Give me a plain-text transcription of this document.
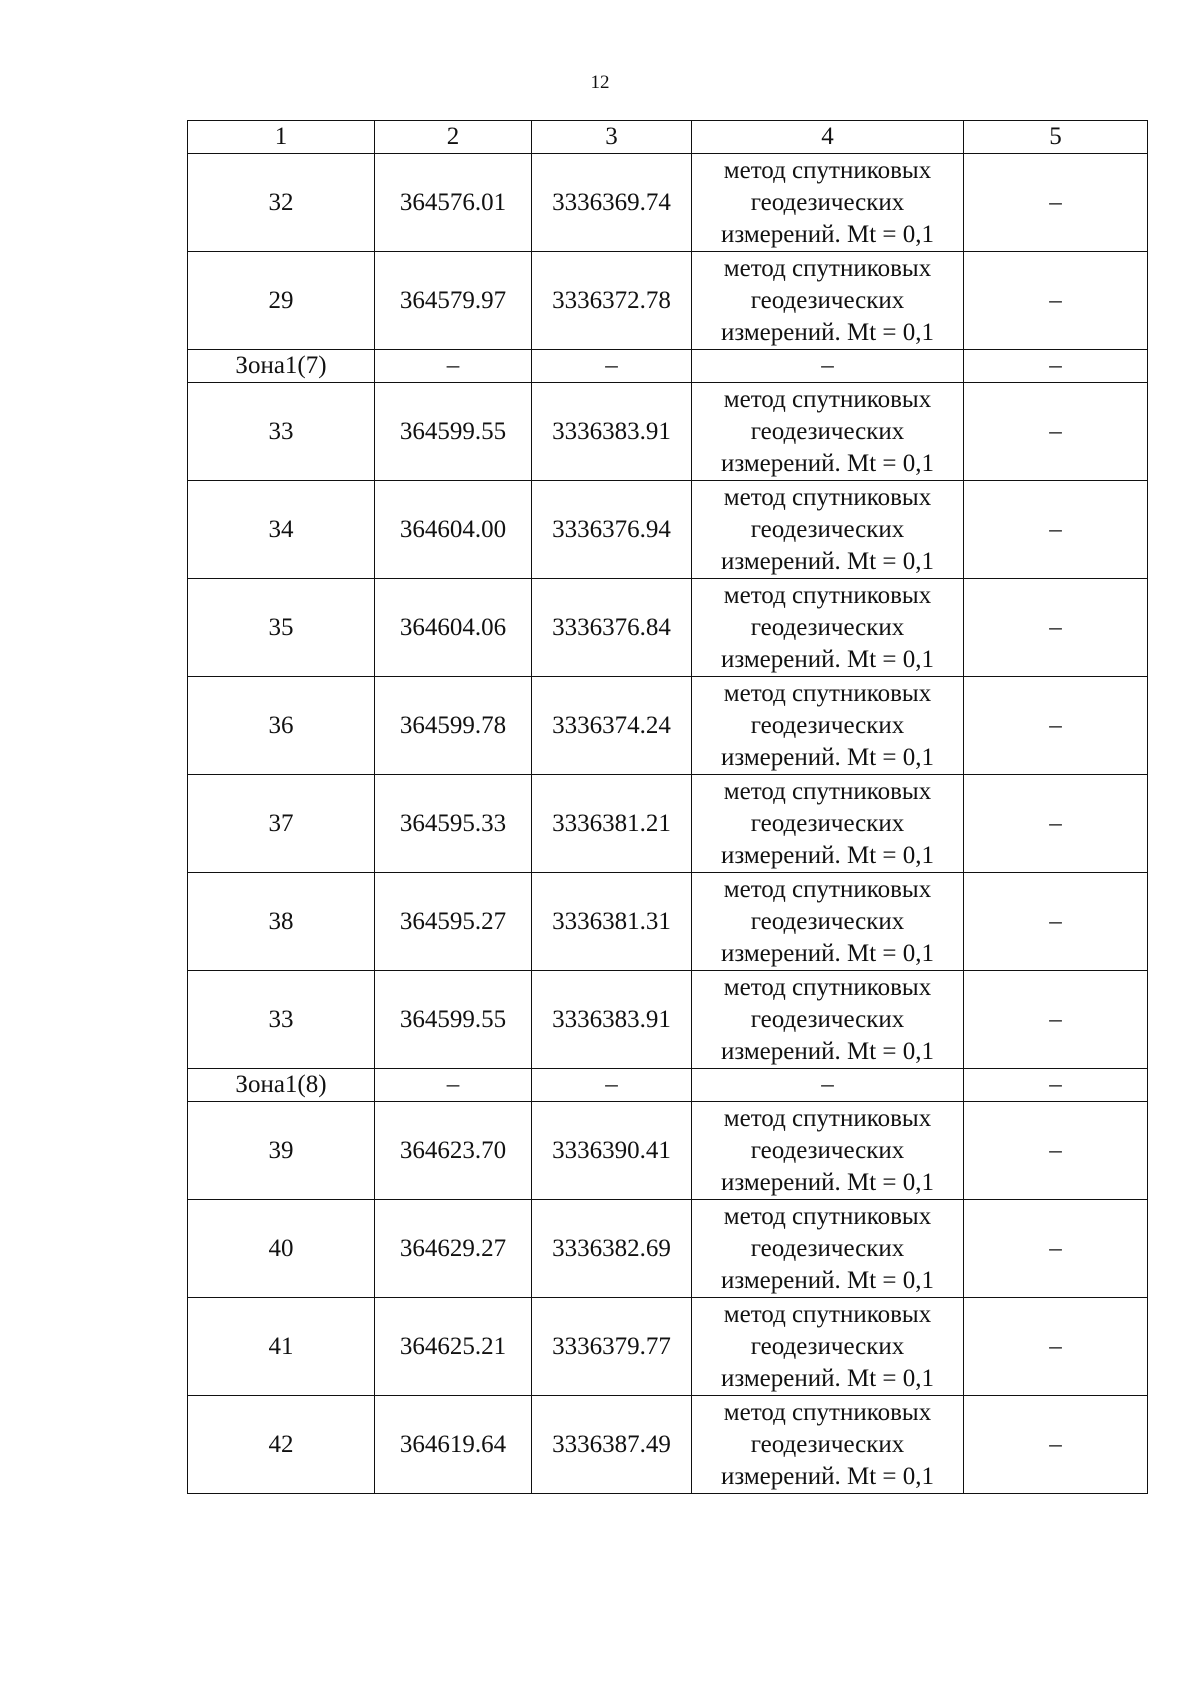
12
1	2	3	4	5
32	364576.01	3336369.74	метод спутниковых
геодезических
измерений. Mt = 0,1	–
29	364579.97	3336372.78	метод спутниковых
геодезических
измерений. Mt = 0,1	–
Зона1(7)	–	–	–	–
33	364599.55	3336383.91	метод спутниковых
геодезических
измерений. Mt = 0,1	–
34	364604.00	3336376.94	метод спутниковых
геодезических
измерений. Mt = 0,1	–
35	364604.06	3336376.84	метод спутниковых
геодезических
измерений. Mt = 0,1	–
36	364599.78	3336374.24	метод спутниковых
геодезических
измерений. Mt = 0,1	–
37	364595.33	3336381.21	метод спутниковых
геодезических
измерений. Mt = 0,1	–
38	364595.27	3336381.31	метод спутниковых
геодезических
измерений. Mt = 0,1	–
33	364599.55	3336383.91	метод спутниковых
геодезических
измерений. Mt = 0,1	–
Зона1(8)	–	–	–	–
39	364623.70	3336390.41	метод спутниковых
геодезических
измерений. Mt = 0,1	–
40	364629.27	3336382.69	метод спутниковых
геодезических
измерений. Mt = 0,1	–
41	364625.21	3336379.77	метод спутниковых
геодезических
измерений. Mt = 0,1	–
42	364619.64	3336387.49	метод спутниковых
геодезических
измерений. Mt = 0,1	–
